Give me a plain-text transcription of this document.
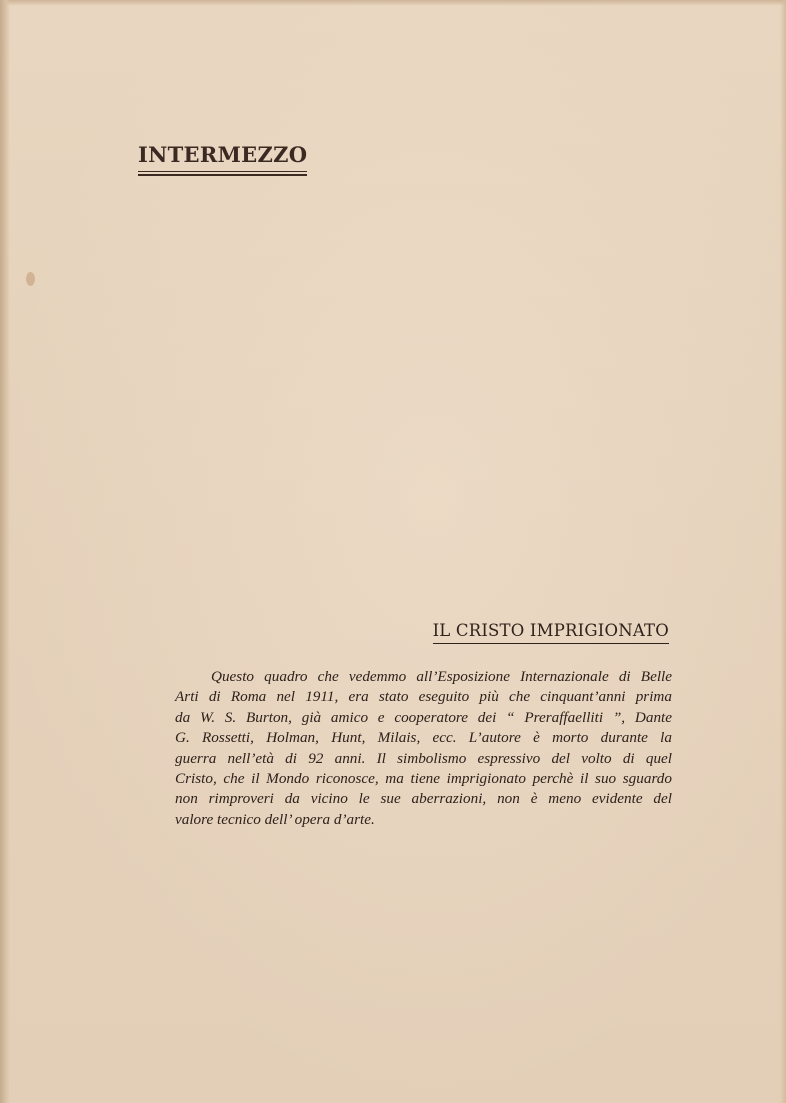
INTERMEZZO
IL CRISTO IMPRIGIONATO
Questo quadro che vedemmo all’Esposizione Internazionale di Belle
Arti di Roma nel 1911, era stato eseguito più che cinquant’anni prima
da W. S. Burton, già amico e cooperatore dei “ Preraffaelliti ”, Dante
G. Rossetti, Holman, Hunt, Milais, ecc. L’autore è morto durante la
guerra nell’età di 92 anni. Il simbolismo espressivo del volto di quel
Cristo, che il Mondo riconosce, ma tiene imprigionato perchè il suo sguardo
non rimproveri da vicino le sue aberrazioni, non è meno evidente del
valore tecnico dell’ opera d’arte.
